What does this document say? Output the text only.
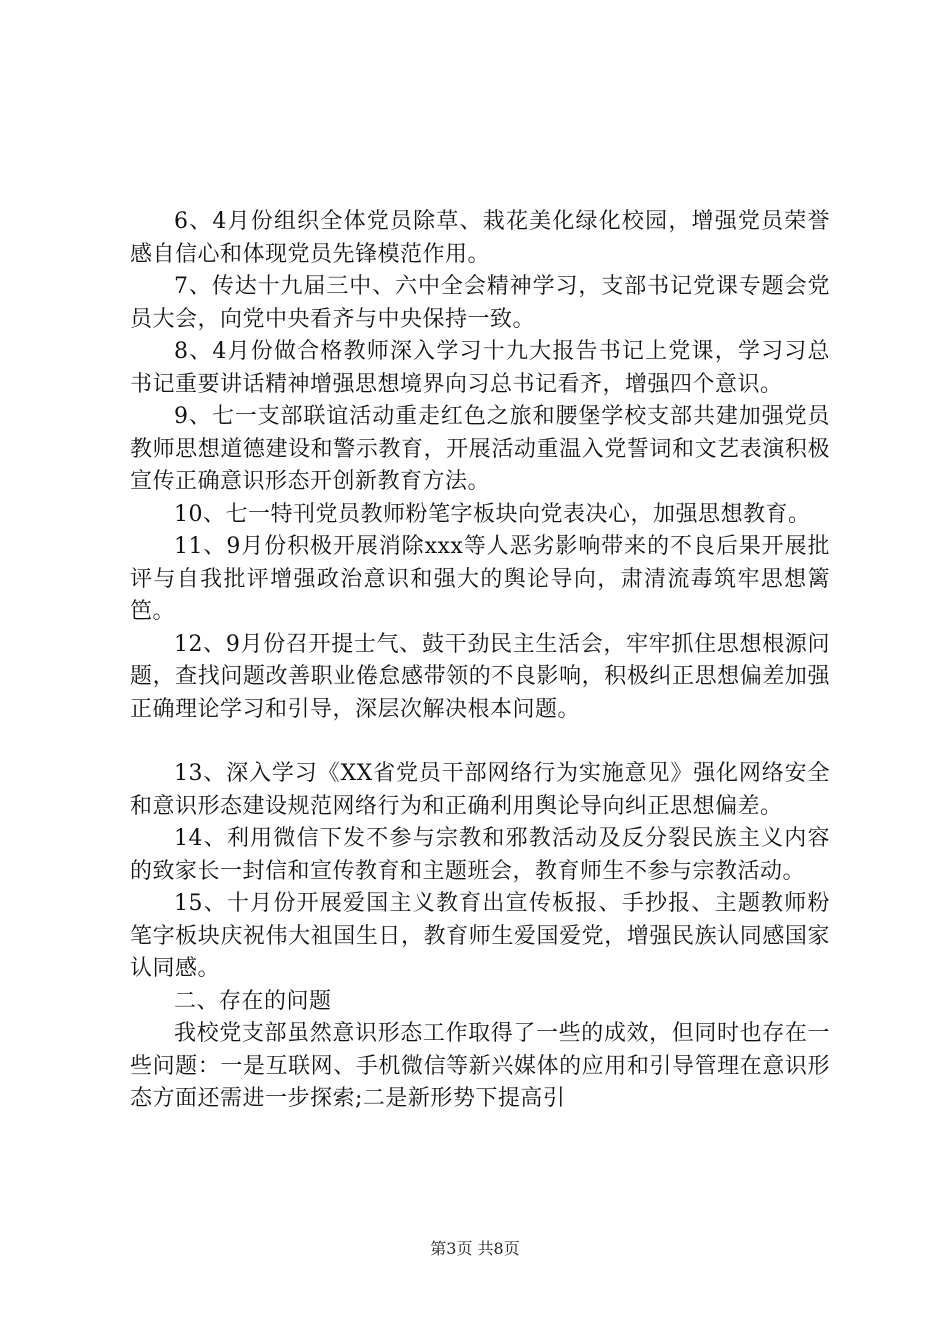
6、4月份组织全体党员除草、栽花美化绿化校园，增强党员荣誉感自信心和体现党员先锋模范作用。

7、传达十九届三中、六中全会精神学习，支部书记党课专题会党员大会，向党中央看齐与中央保持一致。

8、4月份做合格教师深入学习十九大报告书记上党课，学习习总书记重要讲话精神增强思想境界向习总书记看齐，增强四个意识。

9、七一支部联谊活动重走红色之旅和腰堡学校支部共建加强党员教师思想道德建设和警示教育，开展活动重温入党誓词和文艺表演积极宣传正确意识形态开创新教育方法。

10、七一特刊党员教师粉笔字板块向党表决心，加强思想教育。

11、9月份积极开展消除xxx等人恶劣影响带来的不良后果开展批评与自我批评增强政治意识和强大的舆论导向，肃清流毒筑牢思想篱笆。

12、9月份召开提士气、鼓干劲民主生活会，牢牢抓住思想根源问题，查找问题改善职业倦怠感带领的不良影响，积极纠正思想偏差加强正确理论学习和引导，深层次解决根本问题。

13、深入学习《XX省党员干部网络行为实施意见》强化网络安全和意识形态建设规范网络行为和正确利用舆论导向纠正思想偏差。

14、利用微信下发不参与宗教和邪教活动及反分裂民族主义内容的致家长一封信和宣传教育和主题班会，教育师生不参与宗教活动。

15、十月份开展爱国主义教育出宣传板报、手抄报、主题教师粉笔字板块庆祝伟大祖国生日，教育师生爱国爱党，增强民族认同感国家认同感。

二、存在的问题

我校党支部虽然意识形态工作取得了一些的成效，但同时也存在一些问题：一是互联网、手机微信等新兴媒体的应用和引导管理在意识形态方面还需进一步探索;二是新形势下提高引

第3页 共8页
